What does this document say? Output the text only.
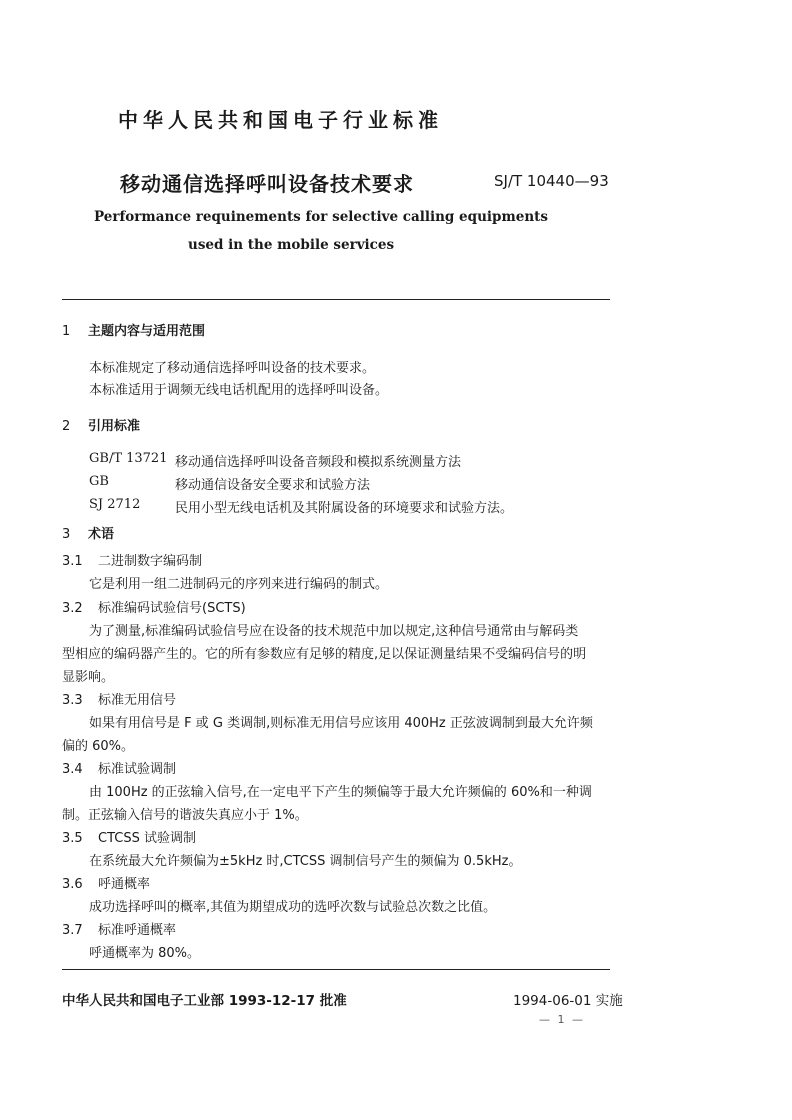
中华人民共和国电子行业标准
移动通信选择呼叫设备技术要求	SJ/T 10440—93
Performance requinements for selective calling equipments
used in the mobile services
1 主题内容与适用范围
本标准规定了移动通信选择呼叫设备的技术要求。
本标准适用于调频无线电话机配用的选择呼叫设备。
2 引用标准
GB/T 13721 移动通信选择呼叫设备音频段和模拟系统测量方法
GB	移动通信设备安全要求和试验方法
SJ 2712	民用小型无线电话机及其附属设备的环境要求和试验方法。
3 术语
3.1 二进制数字编码制
它是利用一组二进制码元的序列来进行编码的制式。
3.2 标准编码试验信号(SCTS)
为了测量,标准编码试验信号应在设备的技术规范中加以规定,这种信号通常由与解码类
型相应的编码器产生的。它的所有参数应有足够的精度,足以保证测量结果不受编码信号的明
显影响。
3.3 标准无用信号
如果有用信号是 F 或 G 类调制,则标准无用信号应该用 400Hz 正弦波调制到最大允许频
偏的 60%。
3.4 标准试验调制
由 100Hz 的正弦输入信号,在一定电平下产生的频偏等于最大允许频偏的 60%和一种调
制。正弦输入信号的谐波失真应小于 1%。
3.5 CTCSS 试验调制
在系统最大允许频偏为±5kHz 时,CTCSS 调制信号产生的频偏为 0.5kHz。
3.6 呼通概率
成功选择呼叫的概率,其值为期望成功的选呼次数与试验总次数之比值。
3.7 标准呼通概率
呼通概率为 80%。
中华人民共和国电子工业部 1993-12-17 批准	1994-06-01 实施
— 1 —
